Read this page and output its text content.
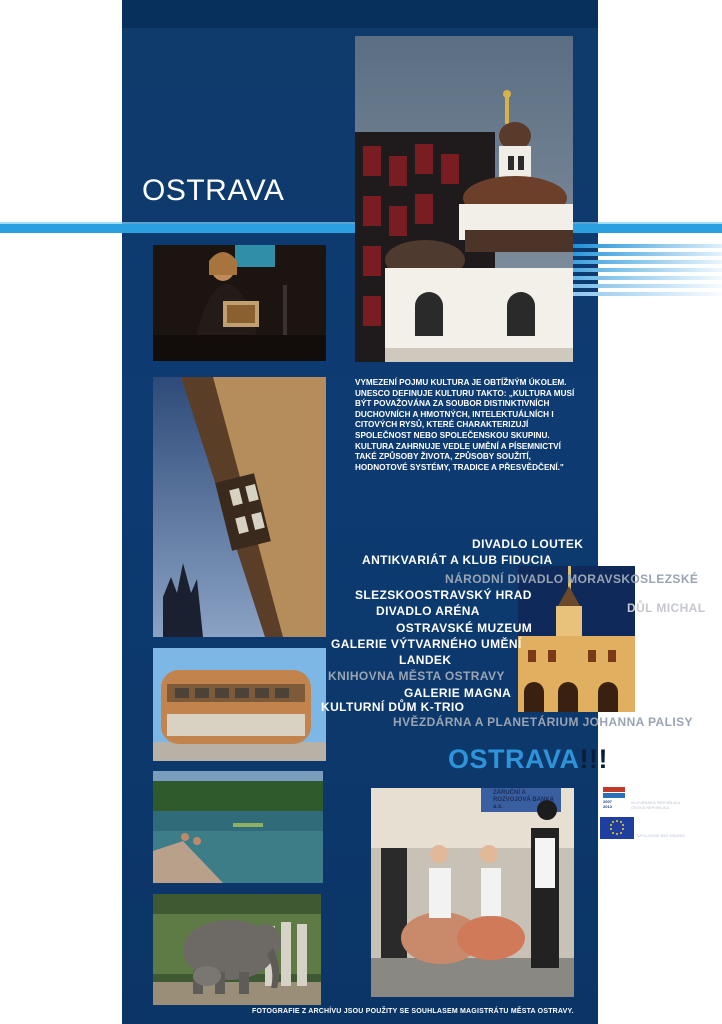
OSTRAVA
ZÁRUČNÍ A ROZVOJOVÁ BANKA a.s.
VYMEZENÍ POJMU KULTURA JE OBTÍŽNÝM ÚKOLEM. UNESCO DEFINUJE KULTURU TAKTO: „KULTURA MUSÍ BÝT POVAŽOVÁNA ZA SOUBOR DISTINKTIVNÍCH DUCHOVNÍCH A HMOTNÝCH, INTELEKTUÁLNÍCH I CITOVÝCH RYSŮ, KTERÉ CHARAKTERIZUJÍ SPOLEČNOST NEBO SPOLEČENSKOU SKUPINU. KULTURA ZAHRNUJE VEDLE UMĚNÍ A PÍSEMNICTVÍ TAKÉ ZPŮSOBY ŽIVOTA, ZPŮSOBY SOUŽITÍ, HODNOTOVÉ SYSTÉMY, TRADICE A PŘESVĚDČENÍ."
DIVADLO LOUTEK
ANTIKVARIÁT A KLUB FIDUCIA
NÁRODNÍ DIVADLO MORAVSKOSLEZSKÉ
SLEZSKOOSTRAVSKÝ HRAD
DŮL MICHAL
DIVADLO ARÉNA
OSTRAVSKÉ MUZEUM
GALERIE VÝTVARNÉHO UMĚNÍ
LANDEK
KNIHOVNA MĚSTA OSTRAVY
GALERIE MAGNA
KULTURNÍ DŮM K-TRIO
HVĚZDÁRNA A PLANETÁRIUM JOHANNA PALISY
OSTRAVA!!!
2007
2013
PROGRAM
CEZHRANIČNEJ
SPOLUPRÁCE
SLOVENSKÁ REPUBLIKA
ČESKÁ REPUBLIKA
EURÓPSKA ÚNIA
EURÓPSKY FOND
REGIONÁLNEHO ROZVOJA
SPOLOČNE BEZ HRANÍC
FOTOGRAFIE Z ARCHÍVU JSOU POUŽITY SE SOUHLASEM MAGISTRÁTU MĚSTA OSTRAVY.
